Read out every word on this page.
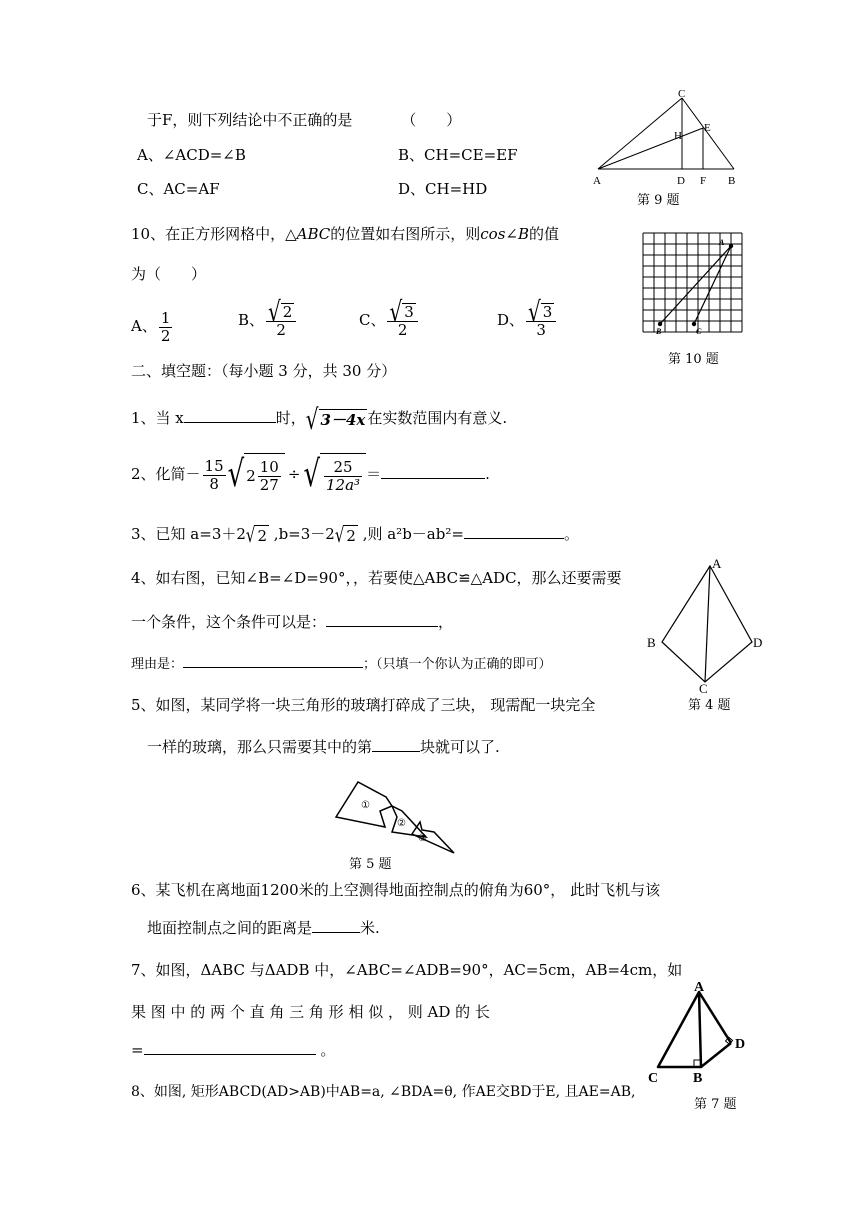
于F，则下列结论中不正确的是	（　　）
A、∠ACD=∠B	B、CH=CE=EF
C、AC=AF	D、CH=HD
C
E
H
A	D F B
第 9 题
10、在正方形网格中，△ABC的位置如右图所示，则cos∠B的值
为（　　）
A、 $\frac{1}{2}$	B、 $\frac{√ 2}{2}$	C、 $\frac{√ 3}{2}$	D、 $\frac{√ 3}{3}$
A
B	C
第 10 题
二、填空题：（每小题 3 分，共 30 分）
1、当 x	时，√ 3－4x 在实数范围内有意义.
2、化简－ $\frac{15}{8}$ √ $2 \frac{10}{27}$ ÷ √ $\frac{25}{\text{12a³}}$ ＝	.
3、已知 a=3＋2√ 2 ,b=3－2√ 2 ,则 a²b－ab²=	。
4、如右图，已知∠B=∠D=90°，，若要使△ABC≌△ADC，那么还要需要
一个条件，这个条件可以是：	，
理由是：	；（只填一个你认为正确的即可）
A
B	D
C
第 4 题
5、如图，某同学将一块三角形的玻璃打碎成了三块， 现需配一块完全
一样的玻璃，那么只需要其中的第	块就可以了.
①
②
③
第 5 题
6、某飞机在离地面1200米的上空测得地面控制点的俯角为60°， 此时飞机与该
地面控制点之间的距离是	米.
7、如图，ΔABC 与ΔADB 中，∠ABC=∠ADB=90°，AC=5cm，AB=4cm，如
果 图 中 的 两 个 直 角 三 角 形 相 似 ， 则 AD 的 长
=	。
A
C B
D
第 7 题
8、如图, 矩形ABCD(AD>AB)中AB=a, ∠BDA=θ, 作AE交BD于E, 且AE=AB,
